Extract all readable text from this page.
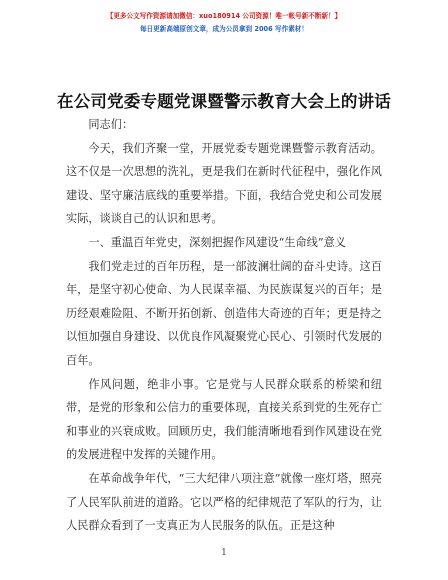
【更多公文写作资源请加微信：xuo180914 公司资源！唯一帐号新不断新！】
每日更新高端原创文章，成为公员拿到 2006 写作素材！
在公司党委专题党课暨警示教育大会上的讲话

同志们：

今天，我们齐聚一堂，开展党委专题党课暨警示教育活动。这不仅是一次思想的洗礼，更是我们在新时代征程中，强化作风建设、坚守廉洁底线的重要举措。下面，我结合党史和公司发展实际，谈谈自己的认识和思考。

一、重温百年党史，深刻把握作风建设“生命线”意义

我们党走过的百年历程，是一部波澜壮阔的奋斗史诗。这百年，是坚守初心使命、为人民谋幸福、为民族谋复兴的百年；是历经艰难险阻、不断开拓创新、创造伟大奇迹的百年；更是持之以恒加强自身建设、以优良作风凝聚党心民心、引领时代发展的百年。

作风问题，绝非小事。它是党与人民群众联系的桥梁和纽带，是党的形象和公信力的重要体现，直接关系到党的生死存亡和事业的兴衰成败。回顾历史，我们能清晰地看到作风建设在党的发展进程中发挥的关键作用。

在革命战争年代，“三大纪律八项注意”就像一座灯塔，照亮了人民军队前进的道路。它以严格的纪律规范了军队的行为，让人民群众看到了一支真正为人民服务的队伍。正是这种

1
